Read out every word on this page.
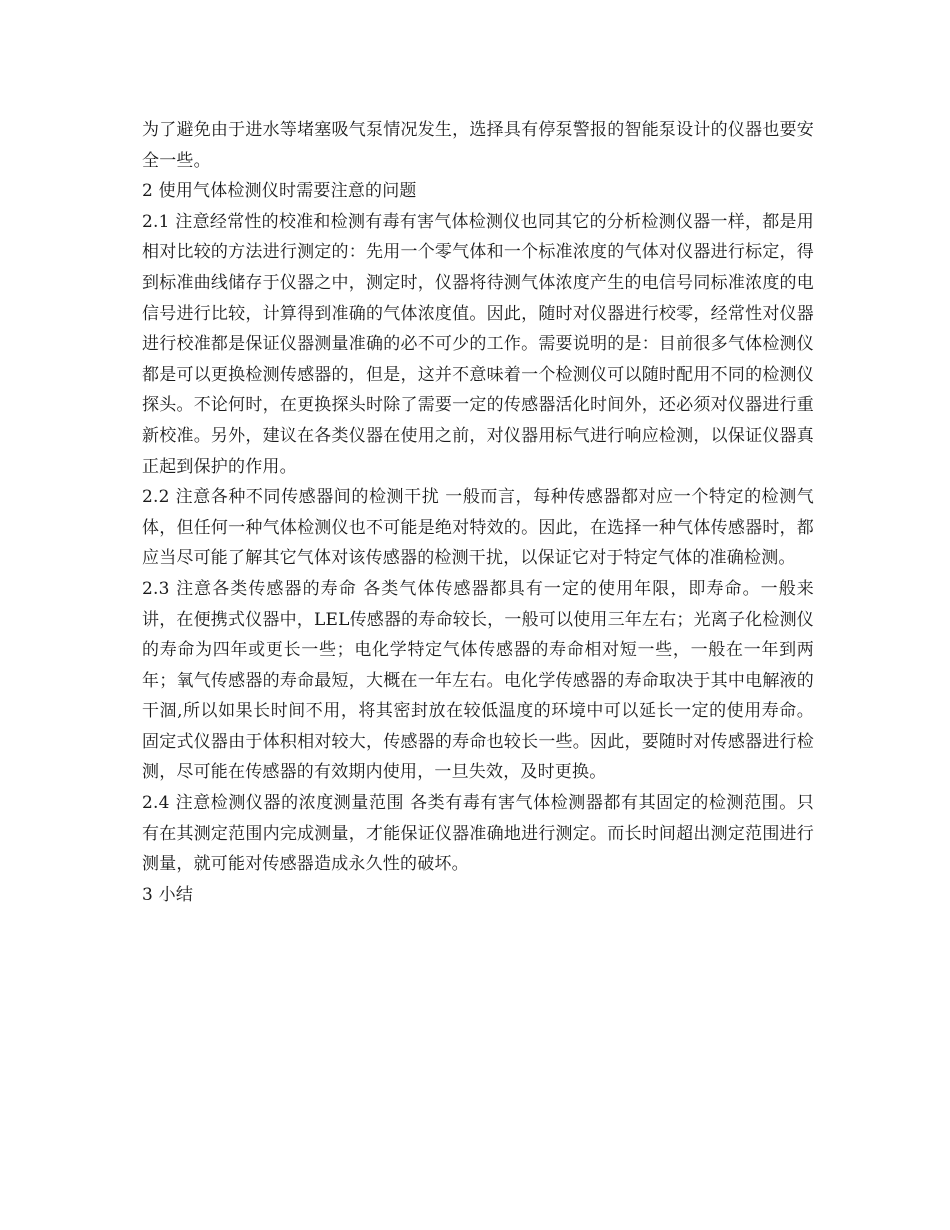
为了避免由于进水等堵塞吸气泵情况发生，选择具有停泵警报的智能泵设计的仪器也要安全一些。

2 使用气体检测仪时需要注意的问题

2.1 注意经常性的校准和检测有毒有害气体检测仪也同其它的分析检测仪器一样，都是用相对比较的方法进行测定的：先用一个零气体和一个标准浓度的气体对仪器进行标定，得到标准曲线储存于仪器之中，测定时，仪器将待测气体浓度产生的电信号同标准浓度的电信号进行比较，计算得到准确的气体浓度值。因此，随时对仪器进行校零，经常性对仪器进行校准都是保证仪器测量准确的必不可少的工作。需要说明的是：目前很多气体检测仪都是可以更换检测传感器的，但是，这并不意味着一个检测仪可以随时配用不同的检测仪探头。不论何时，在更换探头时除了需要一定的传感器活化时间外，还必须对仪器进行重新校准。另外，建议在各类仪器在使用之前，对仪器用标气进行响应检测，以保证仪器真正起到保护的作用。

2.2 注意各种不同传感器间的检测干扰 一般而言，每种传感器都对应一个特定的检测气体，但任何一种气体检测仪也不可能是绝对特效的。因此，在选择一种气体传感器时，都应当尽可能了解其它气体对该传感器的检测干扰，以保证它对于特定气体的准确检测。

2.3 注意各类传感器的寿命 各类气体传感器都具有一定的使用年限，即寿命。一般来讲，在便携式仪器中，LEL传感器的寿命较长，一般可以使用三年左右；光离子化检测仪的寿命为四年或更长一些；电化学特定气体传感器的寿命相对短一些，一般在一年到两年；氧气传感器的寿命最短，大概在一年左右。电化学传感器的寿命取决于其中电解液的干涸,所以如果长时间不用，将其密封放在较低温度的环境中可以延长一定的使用寿命。固定式仪器由于体积相对较大，传感器的寿命也较长一些。因此，要随时对传感器进行检测，尽可能在传感器的有效期内使用，一旦失效，及时更换。

2.4 注意检测仪器的浓度测量范围 各类有毒有害气体检测器都有其固定的检测范围。只有在其测定范围内完成测量，才能保证仪器准确地进行测定。而长时间超出测定范围进行测量，就可能对传感器造成永久性的破坏。

3 小结
